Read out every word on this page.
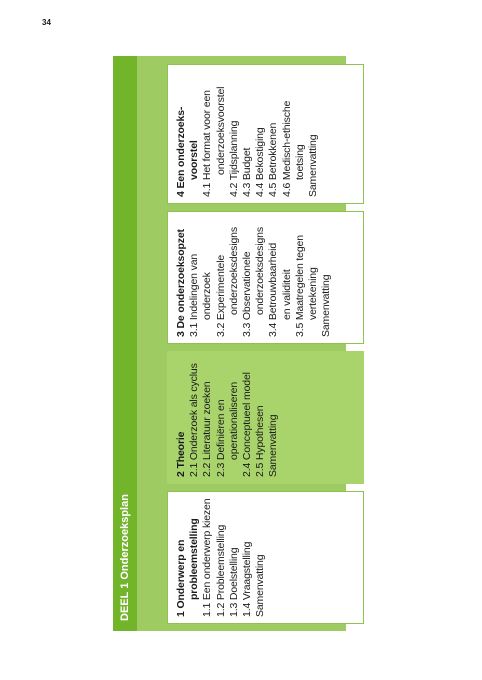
34
DEEL 1 Onderzoeksplan	1 Onderwerp en probleemstelling 1.1 Een onderwerp kiezen 1.2 Probleemstelling 1.3 Doelstelling 1.4 Vraagstelling Samenvatting
2 Theorie 2.1 Onderzoek als cyclus 2.2 Literatuur zoeken 2.3 Definiëren en operationaliseren 2.4 Conceptueel model 2.5 Hypothesen Samenvatting
3 De onderzoeksopzet 3.1 Indelingen van onderzoek 3.2 Experimentele onderzoeksdesigns 3.3 Observationele onderzoeksdesigns 3.4 Betrouwbaarheid en validiteit 3.5 Maatregelen tegen vertekening Samenvatting
4 Een onderzoeks- voorstel 4.1 Het format voor een onderzoeksvoorstel 4.2 Tijdsplanning 4.3 Budget 4.4 Bekostiging 4.5 Betrokkenen 4.6 Medisch-ethische toetsing Samenvatting
